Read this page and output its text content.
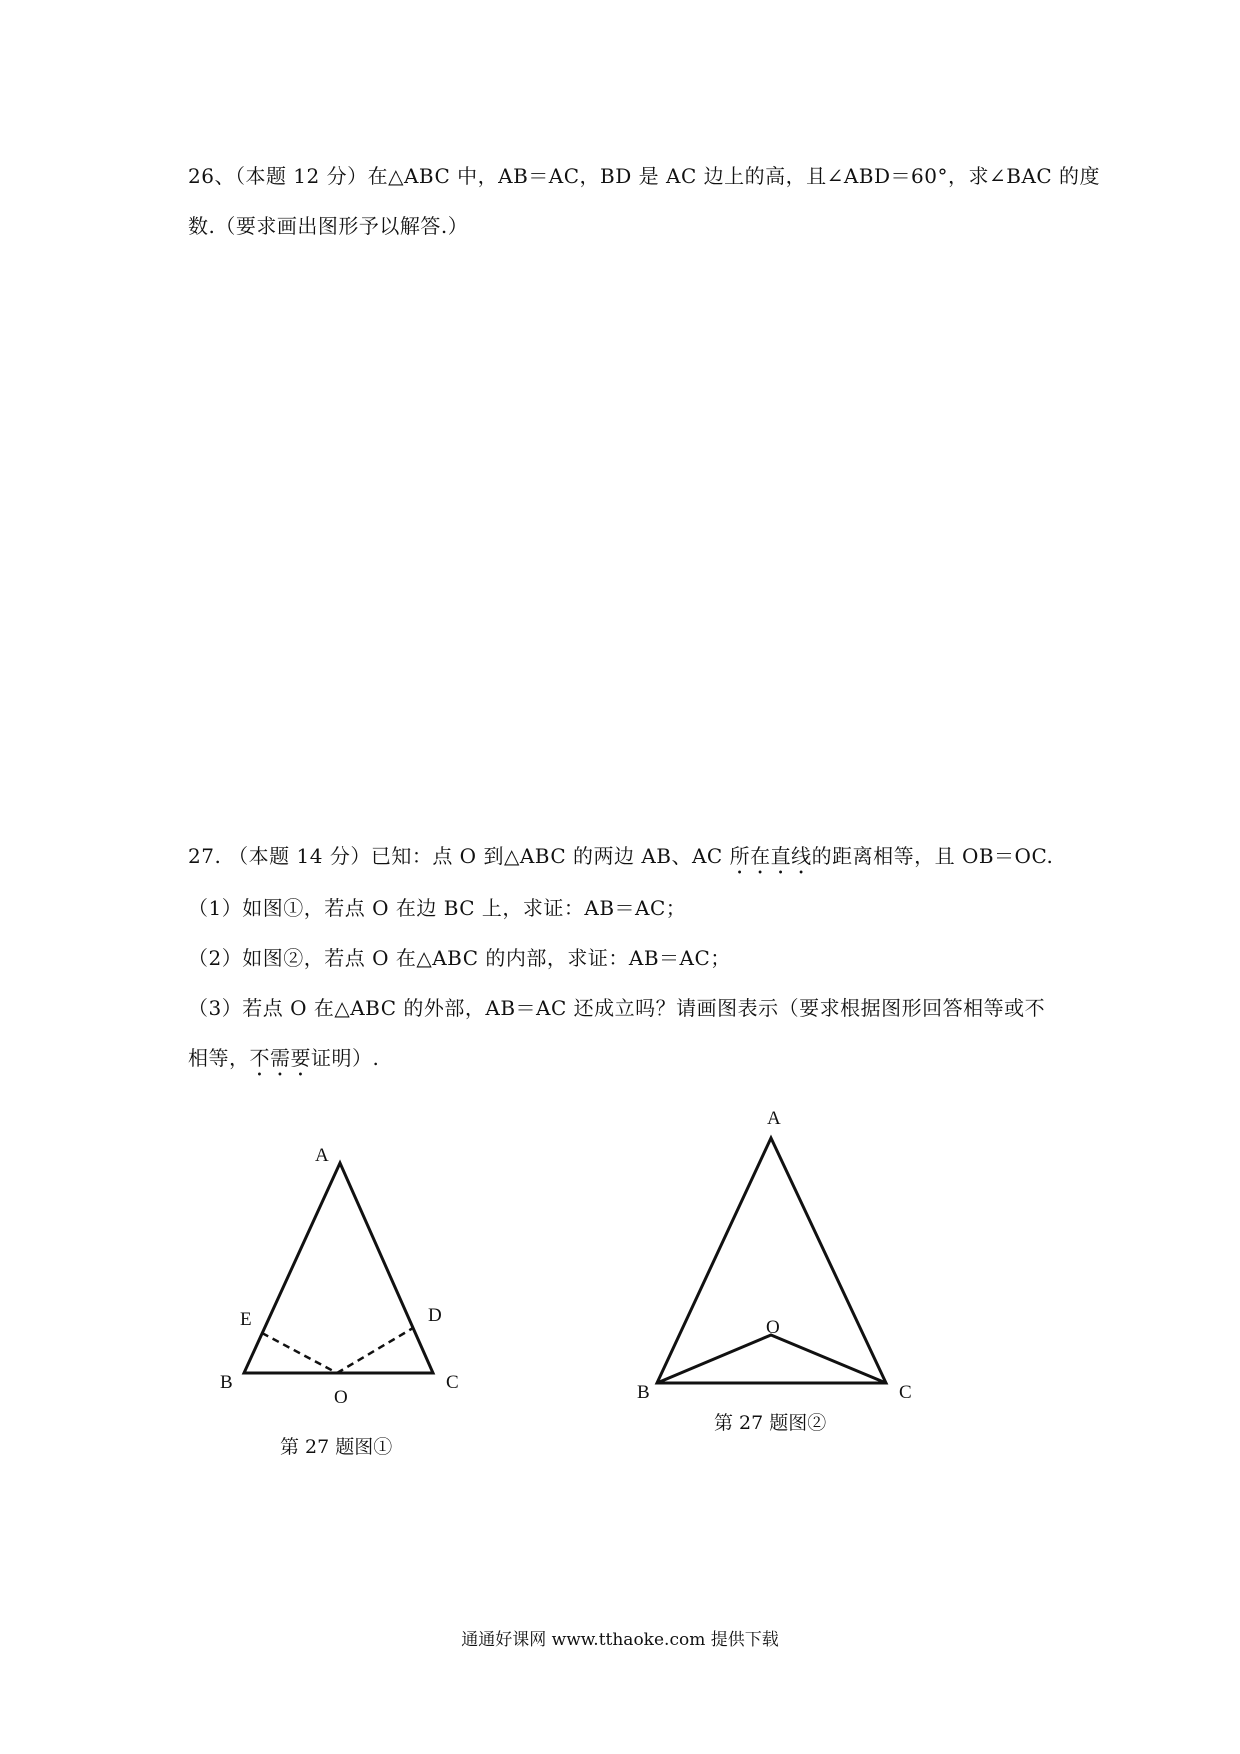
26、（本题 12 分）在△ABC 中，AB＝AC，BD 是 AC 边上的高，且∠ABD＝60°，求∠BAC 的度
数.（要求画出图形予以解答.）
27. （本题 14 分）已知：点 O 到△ABC 的两边 AB、AC 所在直线的距离相等，且 OB＝OC.
（1）如图①，若点 O 在边 BC 上，求证：AB＝AC；
（2）如图②，若点 O 在△ABC 的内部，求证：AB＝AC；
（3）若点 O 在△ABC 的外部，AB＝AC 还成立吗？请画图表示（要求根据图形回答相等或不
相等，不需要证明）.
A
E	D
B	C
O
A
O
B	C
第 27 题图①
第 27 题图②
通通好课网 www.tthaoke.com 提供下载
